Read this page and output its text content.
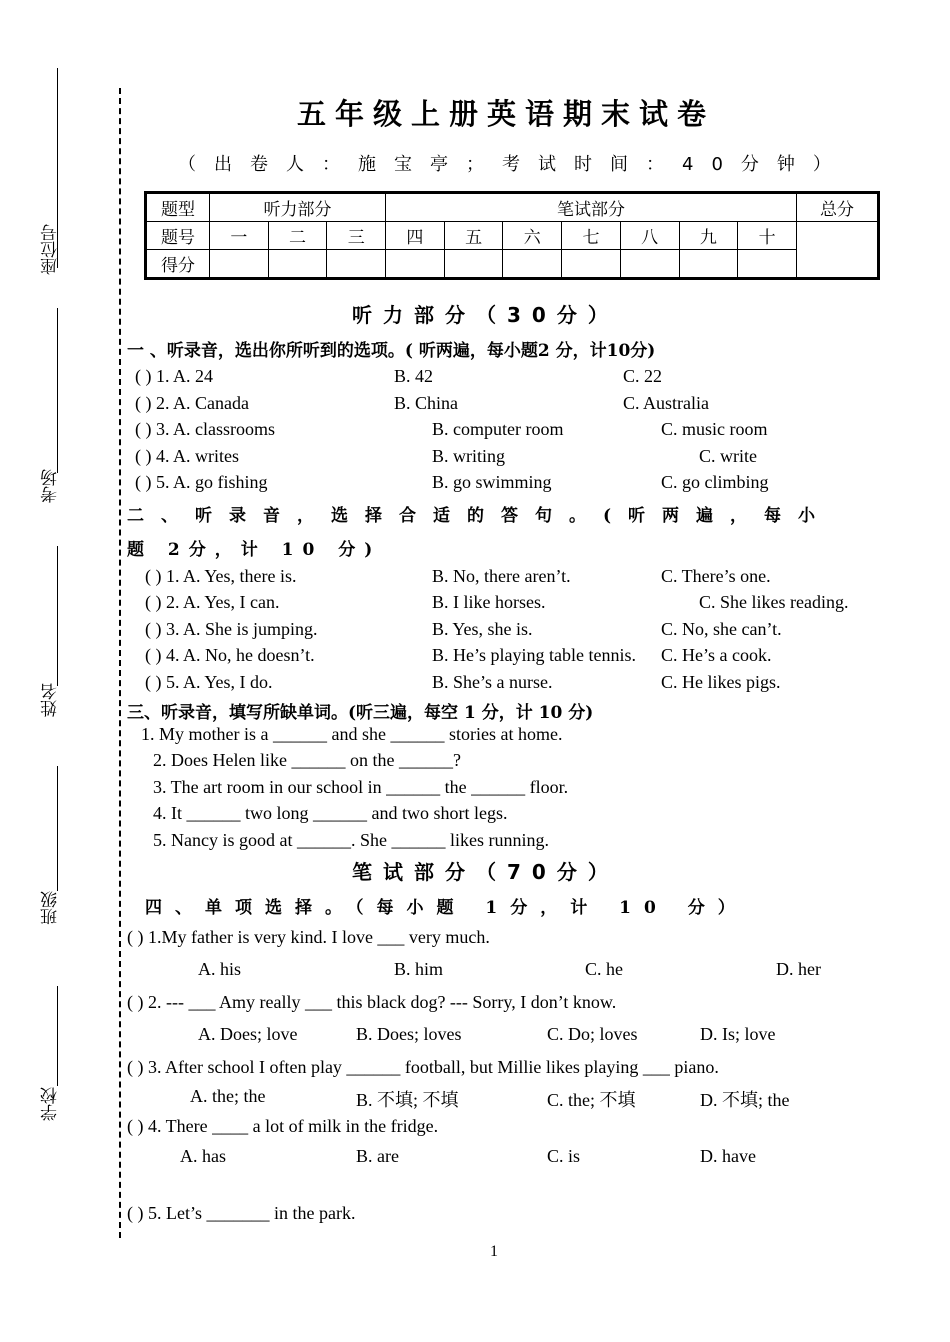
座位号
考场
姓名
班级
学校
五年级上册英语期末试卷
（出卷人：施宝亭；考试时间：40分钟）
题型	听力部分			笔试部分							总分
题号	一	二	三	四	五	六	七	八	九	十	
得分											
听力部分（30分）
一 、听录音，选出你所听到的选项。( 听两遍，每小题2 分，计10分)
( ) 1. A. 24	B. 42	C. 22
( ) 2. A. Canada	B. China	C. Australia
( ) 3. A. classrooms	B. computer room	C. music room
( ) 4. A. writes	B. writing	C. write
( ) 5. A. go fishing	B. go swimming	C. go climbing
二、听录音，选择合适的答句。(听两遍，每小
题 2分，计 10 分)
( ) 1. A. Yes, there is.	B. No, there aren’t.	C. There’s one.
( ) 2. A. Yes, I can.	B. I like horses.	C. She likes reading.
( ) 3. A. She is jumping.	B. Yes, she is.	C. No, she can’t.
( ) 4. A. No, he doesn’t.	B. He’s playing table tennis. C. He’s a cook.
( ) 5. A. Yes, I do.	B. She’s a nurse.	C. He likes pigs.
三、听录音，填写所缺单词。(听三遍，每空 1 分，计 10 分)
1. My mother is a ______ and she ______ stories at home.
2. Does Helen like ______ on the ______?
3. The art room in our school in ______ the ______ floor.
4. It ______ two long ______ and two short legs.
5. Nancy is good at ______. She ______ likes running.
笔试部分（70分）
四、单项选择。（每小题 1分，计 10 分）
( ) 1.My father is very kind. I love ___ very much.
A. his	B. him	C. he	D. her
( ) 2. --- ___ Amy really ___ this black dog? --- Sorry, I don’t know.
A. Does; love	B. Does; loves	C. Do; loves	D. Is; love
( ) 3. After school I often play ______ football, but Millie likes playing ___ piano.
A. the; the	B. 不填; 不填	C. the; 不填	D. 不填; the
( ) 4. There ____ a lot of milk in the fridge.
A. has	B. are	C. is	D. have
( ) 5. Let’s _______ in the park.
1
